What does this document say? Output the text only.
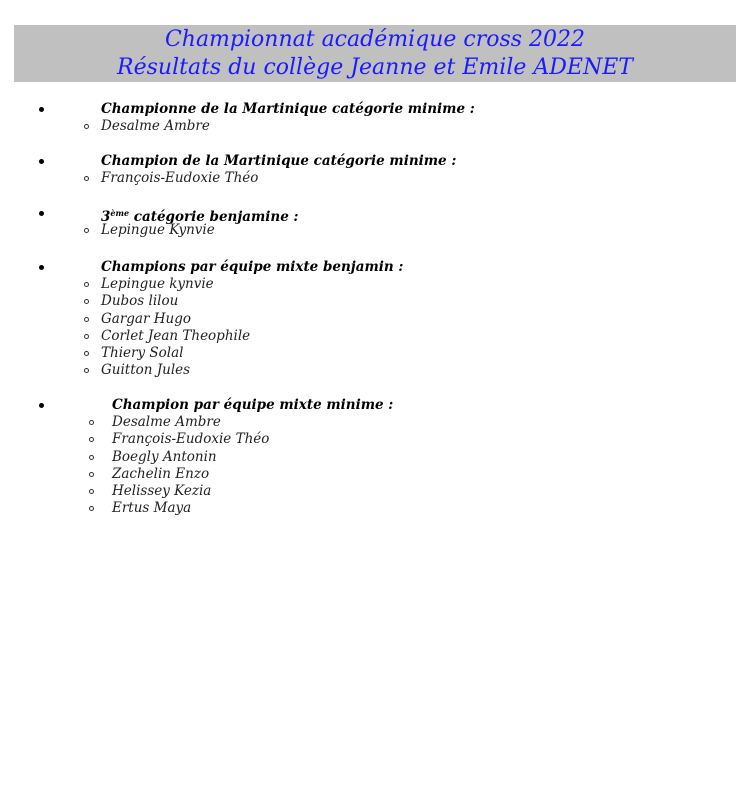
Championnat académique cross 2022
Résultats du collège Jeanne et Emile ADENET
Championne de la Martinique catégorie minime :
Desalme Ambre
Champion de la Martinique catégorie minime :
François-Eudoxie Théo
3ème catégorie benjamine :
Lepingue Kynvie
Champions par équipe mixte benjamin :
Lepingue kynvie
Dubos lilou
Gargar Hugo
Corlet Jean Theophile
Thiery Solal
Guitton Jules
Champion par équipe mixte minime :
Desalme Ambre
François-Eudoxie Théo
Boegly Antonin
Zachelin Enzo
Helissey Kezia
Ertus Maya
